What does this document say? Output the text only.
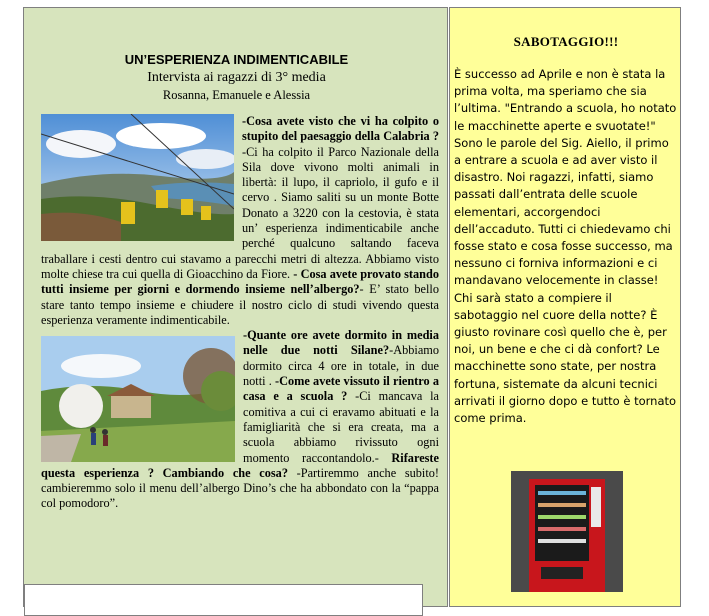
UN’ESPERIENZA INDIMENTICABILE
Intervista ai ragazzi di 3° media
Rosanna, Emanuele e Alessia

-Cosa avete visto che vi ha colpito o stupito del paesaggio della Calabria ?-Ci ha colpito il Parco Nazionale della Sila dove vivono molti animali in libertà: il lupo, il capriolo, il gufo e il cervo . Siamo saliti su un monte Botte Donato a 3220 con la cestovia, è stata un’ esperienza indimenticabile anche perché qualcuno saltando faceva traballare i cesti dentro cui stavamo a parecchi metri di altezza. Abbiamo visto molte chiese tra cui quella di Gioacchino da Fiore. - Cosa avete provato stando tutti insieme per giorni e dormendo insieme nell’albergo?- E’ stato bello stare tanto tempo insieme e chiudere il nostro ciclo di studi vivendo questa esperienza veramente indimenticabile.

-Quante ore avete dormito in media nelle due notti Silane?-Abbiamo dormito circa 4 ore in totale, in due notti . -Come avete vissuto il rientro a casa e a scuola ? -Ci mancava la comitiva a cui ci eravamo abituati e la famigliarità che si era creata, ma a scuola abbiamo rivissuto ogni momento raccontandolo.- Rifareste questa esperienza ? Cambiando che cosa? -Partiremmo anche subito! cambieremmo solo il menu dell’albergo Dino’s che ha abbondato con la “pappa col pomodoro”.

SABOTAGGIO!!!
È successo ad Aprile e non è stata la prima volta, ma speriamo che sia l’ultima. "Entrando a scuola, ho notato le macchinette aperte e svuotate!" Sono le parole del Sig. Aiello, il primo a entrare a scuola e ad aver visto il disastro. Noi ragazzi, infatti, siamo passati dall’entrata delle scuole elementari, accorgendoci dell’accaduto. Tutti ci chiedevamo chi fosse stato e cosa fosse successo, ma nessuno ci forniva informazioni e ci mandavano velocemente in classe! Chi sarà stato a compiere il sabotaggio nel cuore della notte? È giusto rovinare così quello che è, per noi, un bene e che ci dà confort? Le macchinette sono state, per nostra fortuna, sistemate da alcuni tecnici arrivati il giorno dopo e tutto è tornato come prima.
